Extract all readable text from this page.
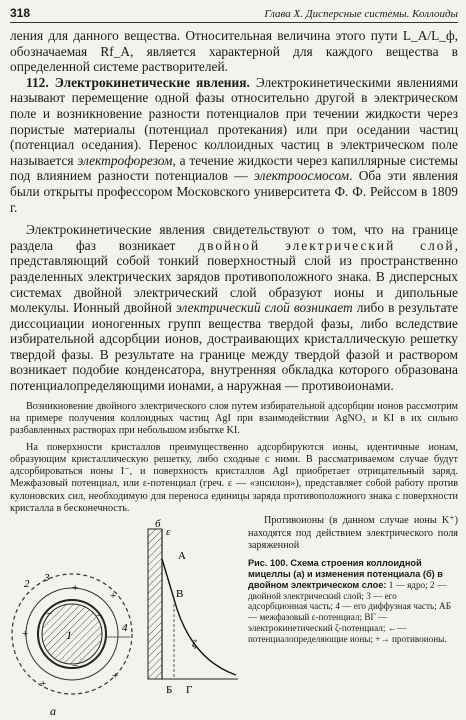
318	Глава X. Дисперсные системы. Коллоиды

ления для данного вещества. Относительная величина этого пути L_A/L_ф, обозначаемая Rf_A, является характерной для каждого вещества в определенной системе растворителей.

112. Электрокинетические явления. Электрокинетическими явлениями называют перемещение одной фазы относительно другой в электрическом поле и возникновение разности потенциалов при течении жидкости через пористые материалы (потенциал протекания) или при оседании частиц (потенциал оседания). Перенос коллоидных частиц в электрическом поле называется электрофорезом, а течение жидкости через капиллярные системы под влиянием разности потенциалов — электроосмосом. Оба эти явления были открыты профессором Московского университета Ф. Ф. Рейссом в 1809 г.

Электрокинетические явления свидетельствуют о том, что на границе раздела фаз возникает двойной электрический слой, представляющий собой тонкий поверхностный слой из пространственно разделенных электрических зарядов противоположного знака. В дисперсных системах двойной электрический слой образуют ионы и дипольные молекулы. Ионный двойной электрический слой возникает либо в результате диссоциации ионогенных групп вещества твердой фазы, либо вследствие избирательной адсорбции ионов, достраивающих кристаллическую решетку твердой фазы. В результате на границе между твердой фазой и раствором возникает подобие конденсатора, внутренняя обкладка которого образована потенциалопределяющими ионами, а наружная — противоионами.

Возникновение двойного электрического слоя путем избирательной адсорбции ионов рассмотрим на примере получения коллоидных частиц AgI при взаимодействии AgNO₃ и KI в их сильно разбавленных растворах при небольшом избытке KI.

На поверхности кристаллов преимущественно адсорбируются ионы, идентичные ионам, образующим кристаллическую решетку, либо сходные с ними. В рассматриваемом случае будут адсорбироваться ионы I⁻, и поверхность кристаллов AgI приобретает отрицательный заряд. Межфазовый потенциал, или ε-потенциал (греч. ε — «эпсилон»), представляет собой работу против кулоновских сил, необходимую для переноса единицы заряда противоположного знака с поверхности кристалла в бесконечность.

1
2 3
4
+
+
+
+
+
−
−
−
а
б
ε
А
В
Б Г
ζ

Противоионы (в данном случае ионы K⁺) находятся под действием электрического поля заряженной

Рис. 100. Схема строения коллоидной мицеллы (а) и изменения потенциала (б) в двойном электрическом слое: 1 — ядро; 2 — двойной электрический слой; 3 — его адсорбционная часть; 4 — его диффузная часть; АБ — межфазовый ε-потенциал; ВГ — электрокинетический ζ-потенциал; ←— потенциалопределяющие ионы; +→ противоионы.
